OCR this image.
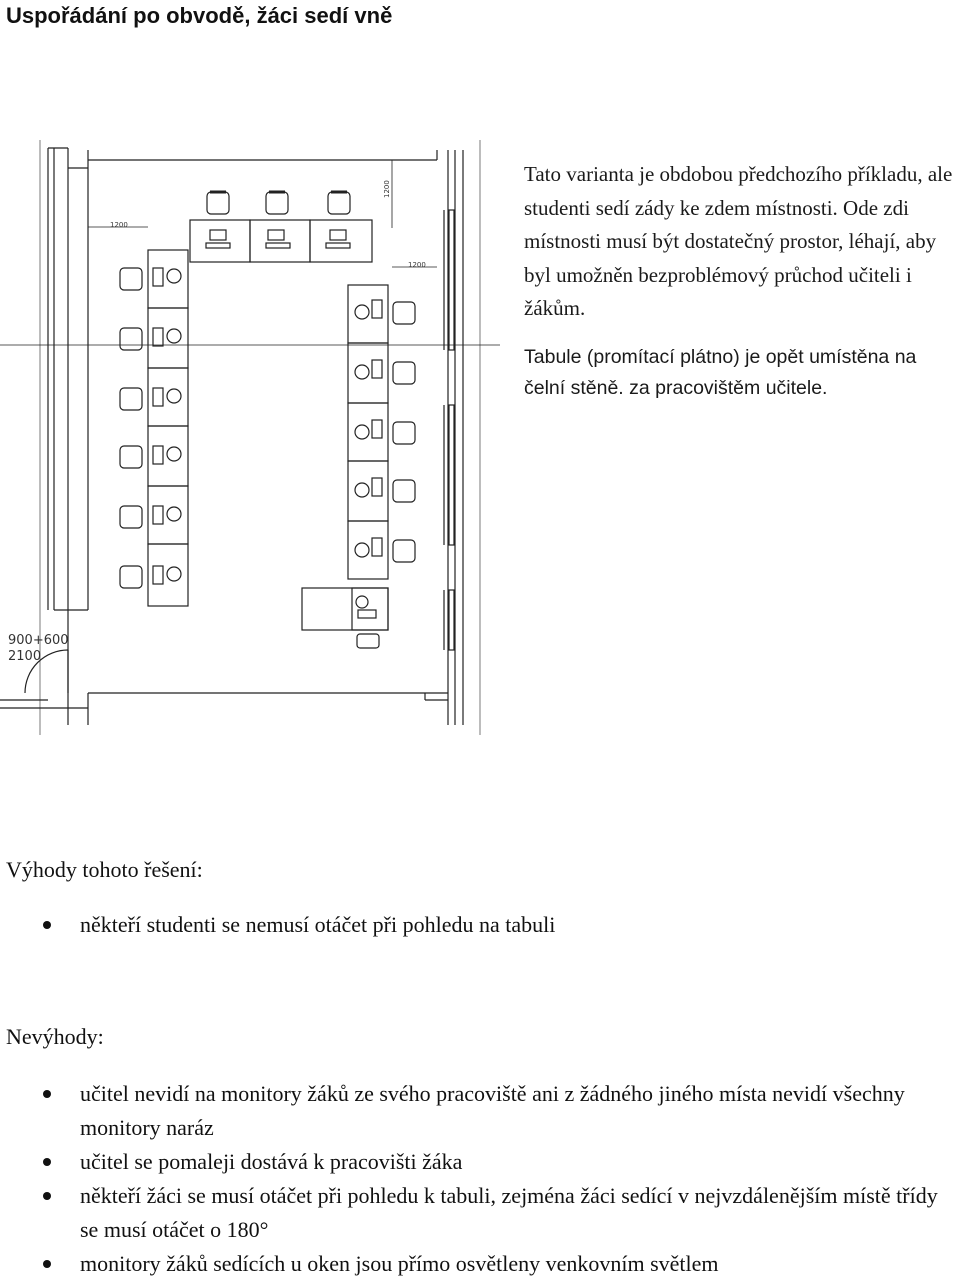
Uspořádání po obvodě, žáci sedí vně
1200
1200
1200
900+600
2100

Tato varianta je obdobou předchozího příkladu, ale studenti sedí zády ke zdem místnosti. Ode zdi místnosti musí být dostatečný prostor, léhají, aby byl umožněn bezproblémový průchod učiteli i žákům.

Tabule (promítací plátno) je opět umístěna na čelní stěně. za pracovištěm učitele.

Výhody tohoto řešení:

někteří studenti se nemusí otáčet při pohledu na tabuli

Nevýhody:

učitel nevidí na monitory žáků ze svého pracoviště ani z žádného jiného místa nevidí všechny monitory naráz
učitel se pomaleji dostává k pracovišti žáka
někteří žáci se musí otáčet při pohledu k tabuli, zejména žáci sedící v nejvzdálenějším místě třídy se musí otáčet o 180°
monitory žáků sedících u oken jsou přímo osvětleny venkovním světlem
